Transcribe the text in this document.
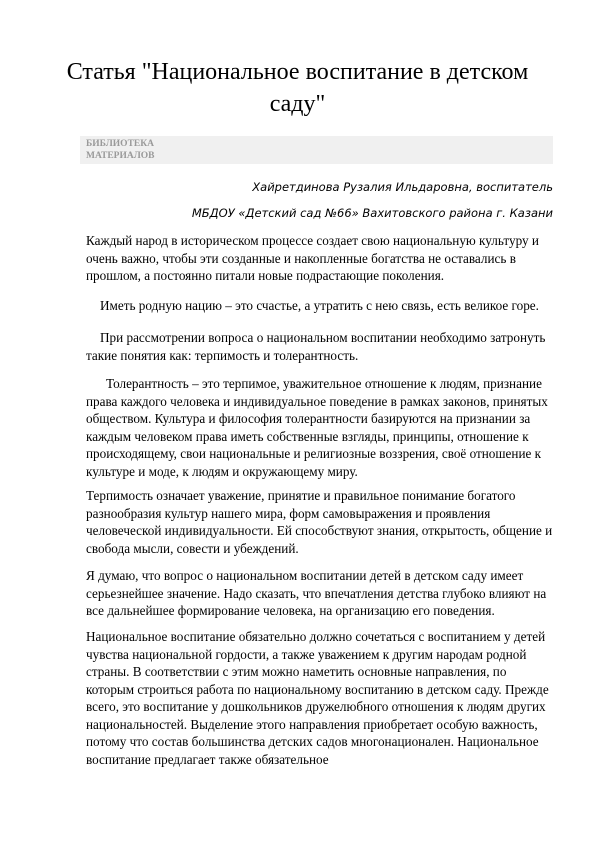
Статья "Национальное воспитание в детском саду"
БИБЛИОТЕКА МАТЕРИАЛОВ
Хайретдинова Рузалия Ильдаровна, воспитатель
МБДОУ «Детский сад №66» Вахитовского района г. Казани

Каждый народ в историческом процессе создает свою национальную культуру и очень важно, чтобы эти созданные и накопленные богатства не оставались в прошлом, а постоянно питали новые подрастающие поколения.

Иметь родную нацию – это счастье, а утратить с нею связь, есть великое горе.

При рассмотрении вопроса о национальном воспитании необходимо затронуть такие понятия как: терпимость и толерантность.

Толерантность – это терпимое, уважительное отношение к людям, признание права каждого человека и индивидуальное поведение в рамках законов, принятых обществом. Культура и философия толерантности базируются на признании за каждым человеком права иметь собственные взгляды, принципы, отношение к происходящему, свои национальные и религиозные воззрения, своё отношение к культуре и моде, к людям и окружающему миру.

Терпимость означает уважение, принятие и правильное понимание богатого разнообразия культур нашего мира, форм самовыражения и проявления человеческой индивидуальности. Ей способствуют знания, открытость, общение и свобода мысли, совести и убеждений.

Я думаю, что вопрос о национальном воспитании детей в детском саду имеет серьезнейшее значение. Надо сказать, что впечатления детства глубоко влияют на все дальнейшее формирование человека, на организацию его поведения.

Национальное воспитание обязательно должно сочетаться с воспитанием у детей чувства национальной гордости, а также уважением к другим народам родной страны. В соответствии с этим можно наметить основные направления, по которым строиться работа по национальному воспитанию в детском саду. Прежде всего, это воспитание у дошкольников дружелюбного отношения к людям других национальностей. Выделение этого направления приобретает особую важность, потому что состав большинства детских садов многонационален. Национальное воспитание предлагает также обязательное
